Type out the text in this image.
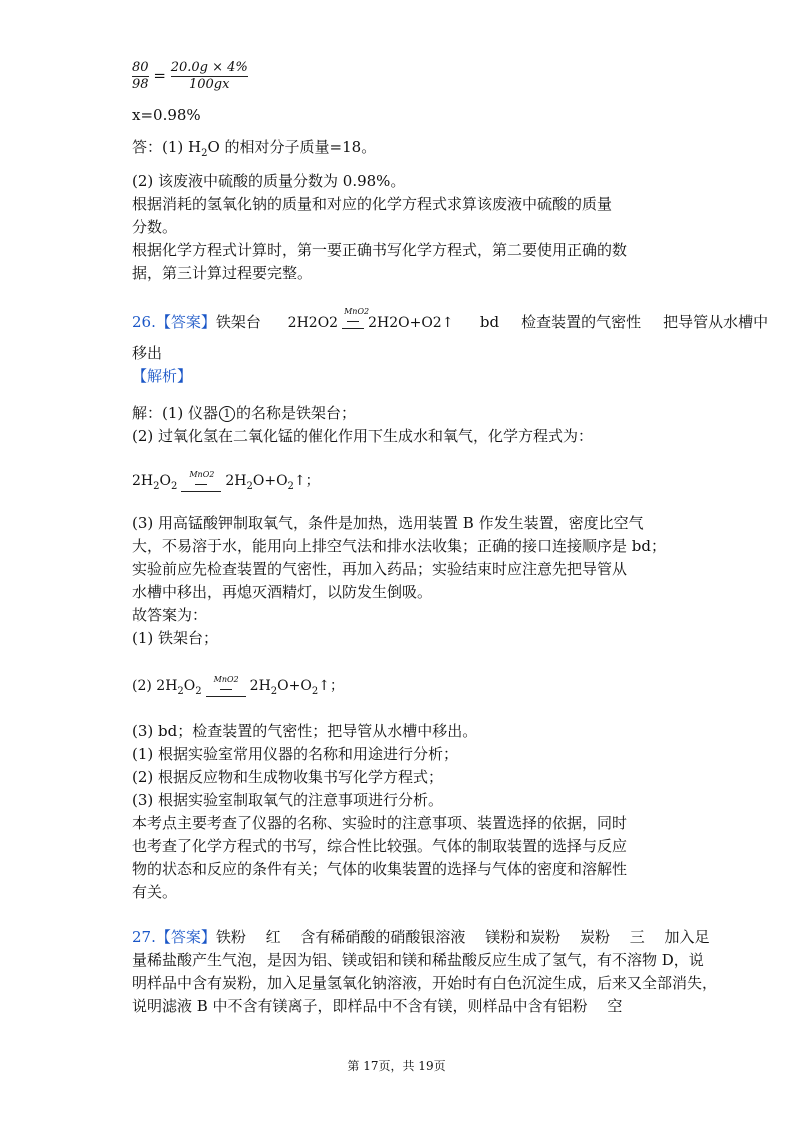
$\frac{80}{98} = \frac{20.0g \times 4\%}{100gx}$
x=0.98%
答：(1) $H_2O$ 的相对分子质量=18。
(2) 该废液中硫酸的质量分数为 0.98%。
根据消耗的氢氧化钠的质量和对应的化学方程式求算该废液中硫酸的质量
分数。
根据化学方程式计算时，第一要正确书写化学方程式，第二要使用正确的数
据，第三计算过程要完整。
26.【答案】铁架台 2H2O2
MnO2
2H2O+O2↑ bd 检查装置的气密性 把导管从水槽中
移出
【解析】
解：(1) 仪器 1 的名称是铁架台；
(2) 过氧化氢在二氧化锰的催化作用下生成水和氧气，化学方程式为：
$2H_2O_2$
MnO2 $2H_2O+O_2↑$；
(3) 用高锰酸钾制取氧气，条件是加热，选用装置 B 作发生装置，密度比空气
大，不易溶于水，能用向上排空气法和排水法收集；正确的接口连接顺序是 bd；
实验前应先检查装置的气密性，再加入药品；实验结束时应注意先把导管从
水槽中移出，再熄灭酒精灯，以防发生倒吸。
故答案为：
(1) 铁架台；
(2) $2H_2O_2$
MnO2 $2H_2O+O_2↑$；
(3) bd；检查装置的气密性；把导管从水槽中移出。
(1) 根据实验室常用仪器的名称和用途进行分析；
(2) 根据反应物和生成物收集书写化学方程式；
(3) 根据实验室制取氧气的注意事项进行分析。
本考点主要考查了仪器的名称、实验时的注意事项、装置选择的依据，同时
也考查了化学方程式的书写，综合性比较强。气体的制取装置的选择与反应
物的状态和反应的条件有关；气体的收集装置的选择与气体的密度和溶解性
有关。
27.【答案】铁粉　 红　 含有稀硝酸的硝酸银溶液　 镁粉和炭粉　 炭粉　 三　 加入足
量稀盐酸产生气泡，是因为铝、镁或铝和镁和稀盐酸反应生成了氢气，有不溶物 D，说
明样品中含有炭粉，加入足量氢氧化钠溶液，开始时有白色沉淀生成，后来又全部消失，
说明滤液 B 中不含有镁离子，即样品中不含有镁，则样品中含有铝粉　 空
第 17页，共 19页
